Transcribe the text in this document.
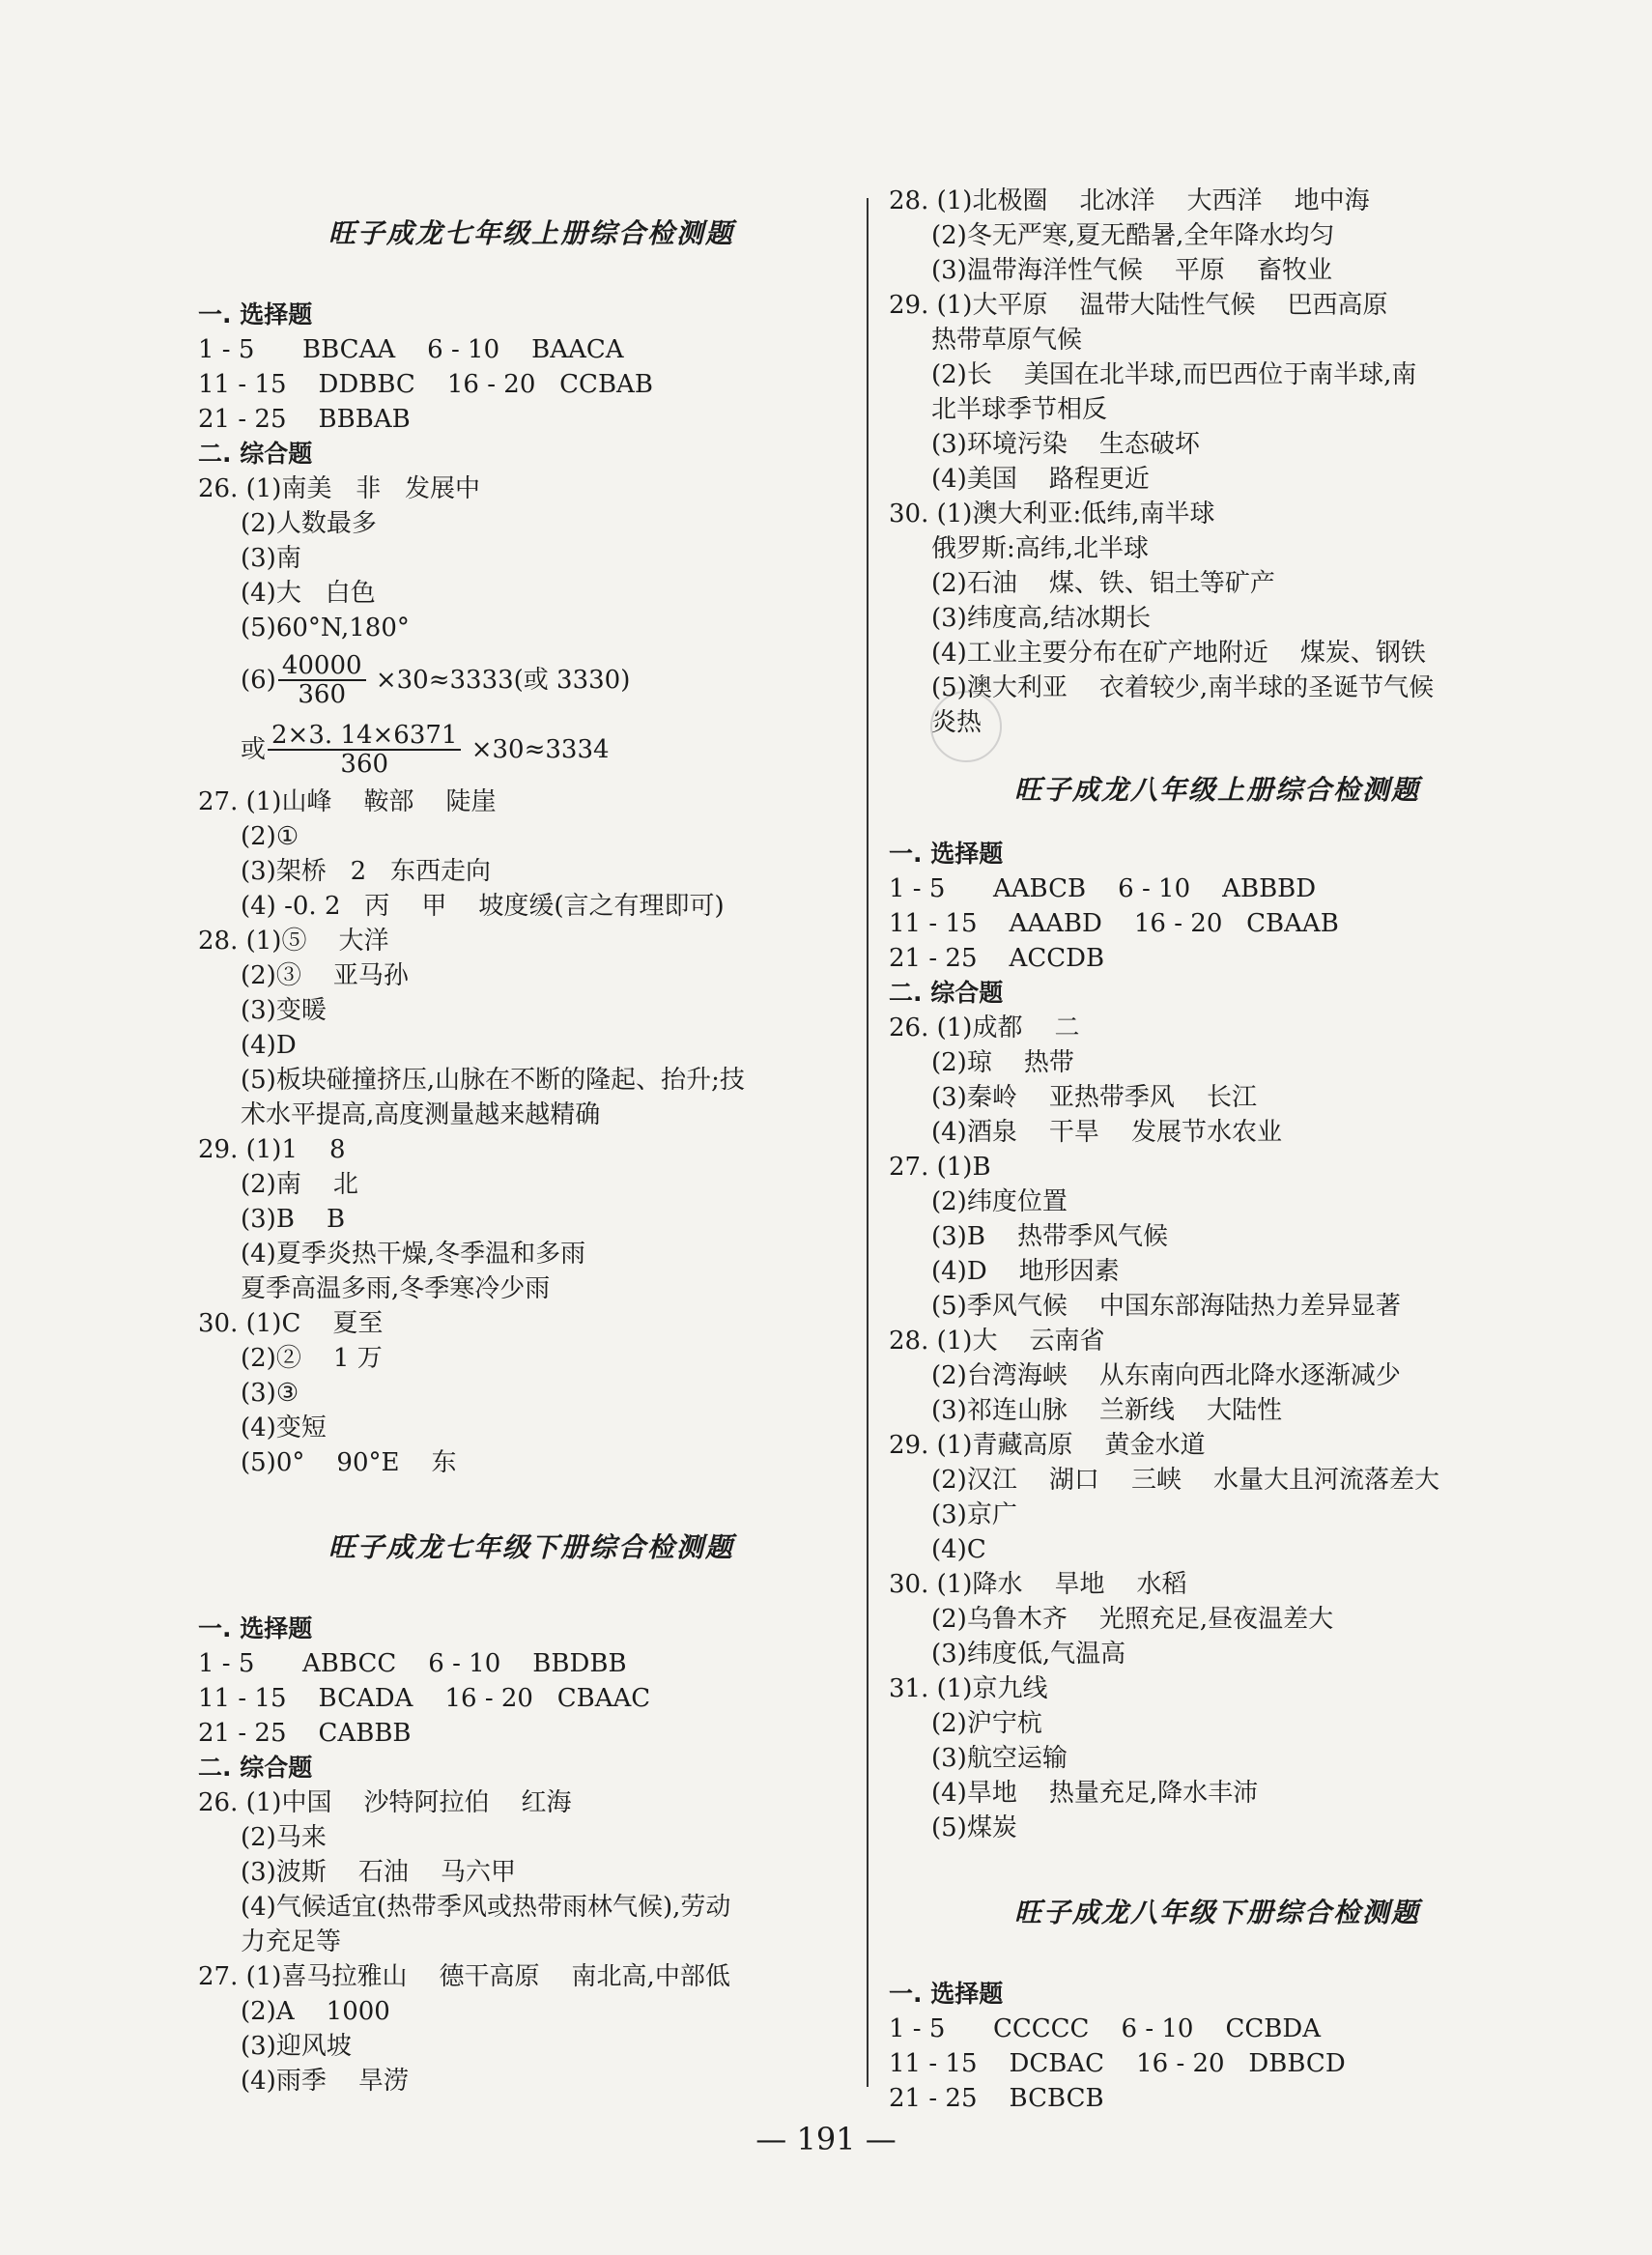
旺子成龙七年级上册综合检测题

一. 选择题

1 - 5      BBCAA    6 - 10    BAACA

11 - 15    DDBBC    16 - 20   CCBAB

21 - 25    BBBAB

二. 综合题

26. (1)南美   非   发展中

(2)人数最多

(3)南

(4)大   白色

(5)60°N,180°

$(6) \frac{40000}{360} \times 30\approx 3333$(或 3330)
或 $\frac{2\times 3. 14\times 6371}{360} \times 30\approx 3334$

27. (1)山峰    鞍部    陡崖

(2)①

(3)架桥   2   东西走向

(4) -0. 2   丙    甲    坡度缓(言之有理即可)

28. (1)⑤    大洋

(2)③    亚马孙

(3)变暖

(4)D

(5)板块碰撞挤压,山脉在不断的隆起、抬升;技

术水平提高,高度测量越来越精确

29. (1)1    8

(2)南    北

(3)B    B

(4)夏季炎热干燥,冬季温和多雨

夏季高温多雨,冬季寒冷少雨

30. (1)C    夏至

(2)②    1 万

(3)③

(4)变短

(5)0°    90°E    东

旺子成龙七年级下册综合检测题

一. 选择题

1 - 5      ABBCC    6 - 10    BBDBB

11 - 15    BCADA    16 - 20   CBAAC

21 - 25    CABBB

二. 综合题

26. (1)中国    沙特阿拉伯    红海

(2)马来

(3)波斯    石油    马六甲

(4)气候适宜(热带季风或热带雨林气候),劳动

力充足等

27. (1)喜马拉雅山    德干高原    南北高,中部低

(2)A    1000

(3)迎风坡

(4)雨季    旱涝

28. (1)北极圈    北冰洋    大西洋    地中海

(2)冬无严寒,夏无酷暑,全年降水均匀

(3)温带海洋性气候    平原    畜牧业

29. (1)大平原    温带大陆性气候    巴西高原

热带草原气候

(2)长    美国在北半球,而巴西位于南半球,南

北半球季节相反

(3)环境污染    生态破坏

(4)美国    路程更近

30. (1)澳大利亚:低纬,南半球

俄罗斯:高纬,北半球

(2)石油    煤、铁、铝土等矿产

(3)纬度高,结冰期长

(4)工业主要分布在矿产地附近    煤炭、钢铁

(5)澳大利亚    衣着较少,南半球的圣诞节气候

炎热

旺子成龙八年级上册综合检测题

一. 选择题

1 - 5      AABCB    6 - 10    ABBBD

11 - 15    AAABD    16 - 20   CBAAB

21 - 25    ACCDB

二. 综合题

26. (1)成都    二

(2)琼    热带

(3)秦岭    亚热带季风    长江

(4)酒泉    干旱    发展节水农业

27. (1)B

(2)纬度位置

(3)B    热带季风气候

(4)D    地形因素

(5)季风气候    中国东部海陆热力差异显著

28. (1)大    云南省

(2)台湾海峡    从东南向西北降水逐渐减少

(3)祁连山脉    兰新线    大陆性

29. (1)青藏高原    黄金水道

(2)汉江    湖口    三峡    水量大且河流落差大

(3)京广

(4)C

30. (1)降水    旱地    水稻

(2)乌鲁木齐    光照充足,昼夜温差大

(3)纬度低,气温高

31. (1)京九线

(2)沪宁杭

(3)航空运输

(4)旱地    热量充足,降水丰沛

(5)煤炭

旺子成龙八年级下册综合检测题

一. 选择题

1 - 5      CCCCC    6 - 10    CCBDA

11 - 15    DCBAC    16 - 20   DBBCD

21 - 25    BCBCB

— 191 —
